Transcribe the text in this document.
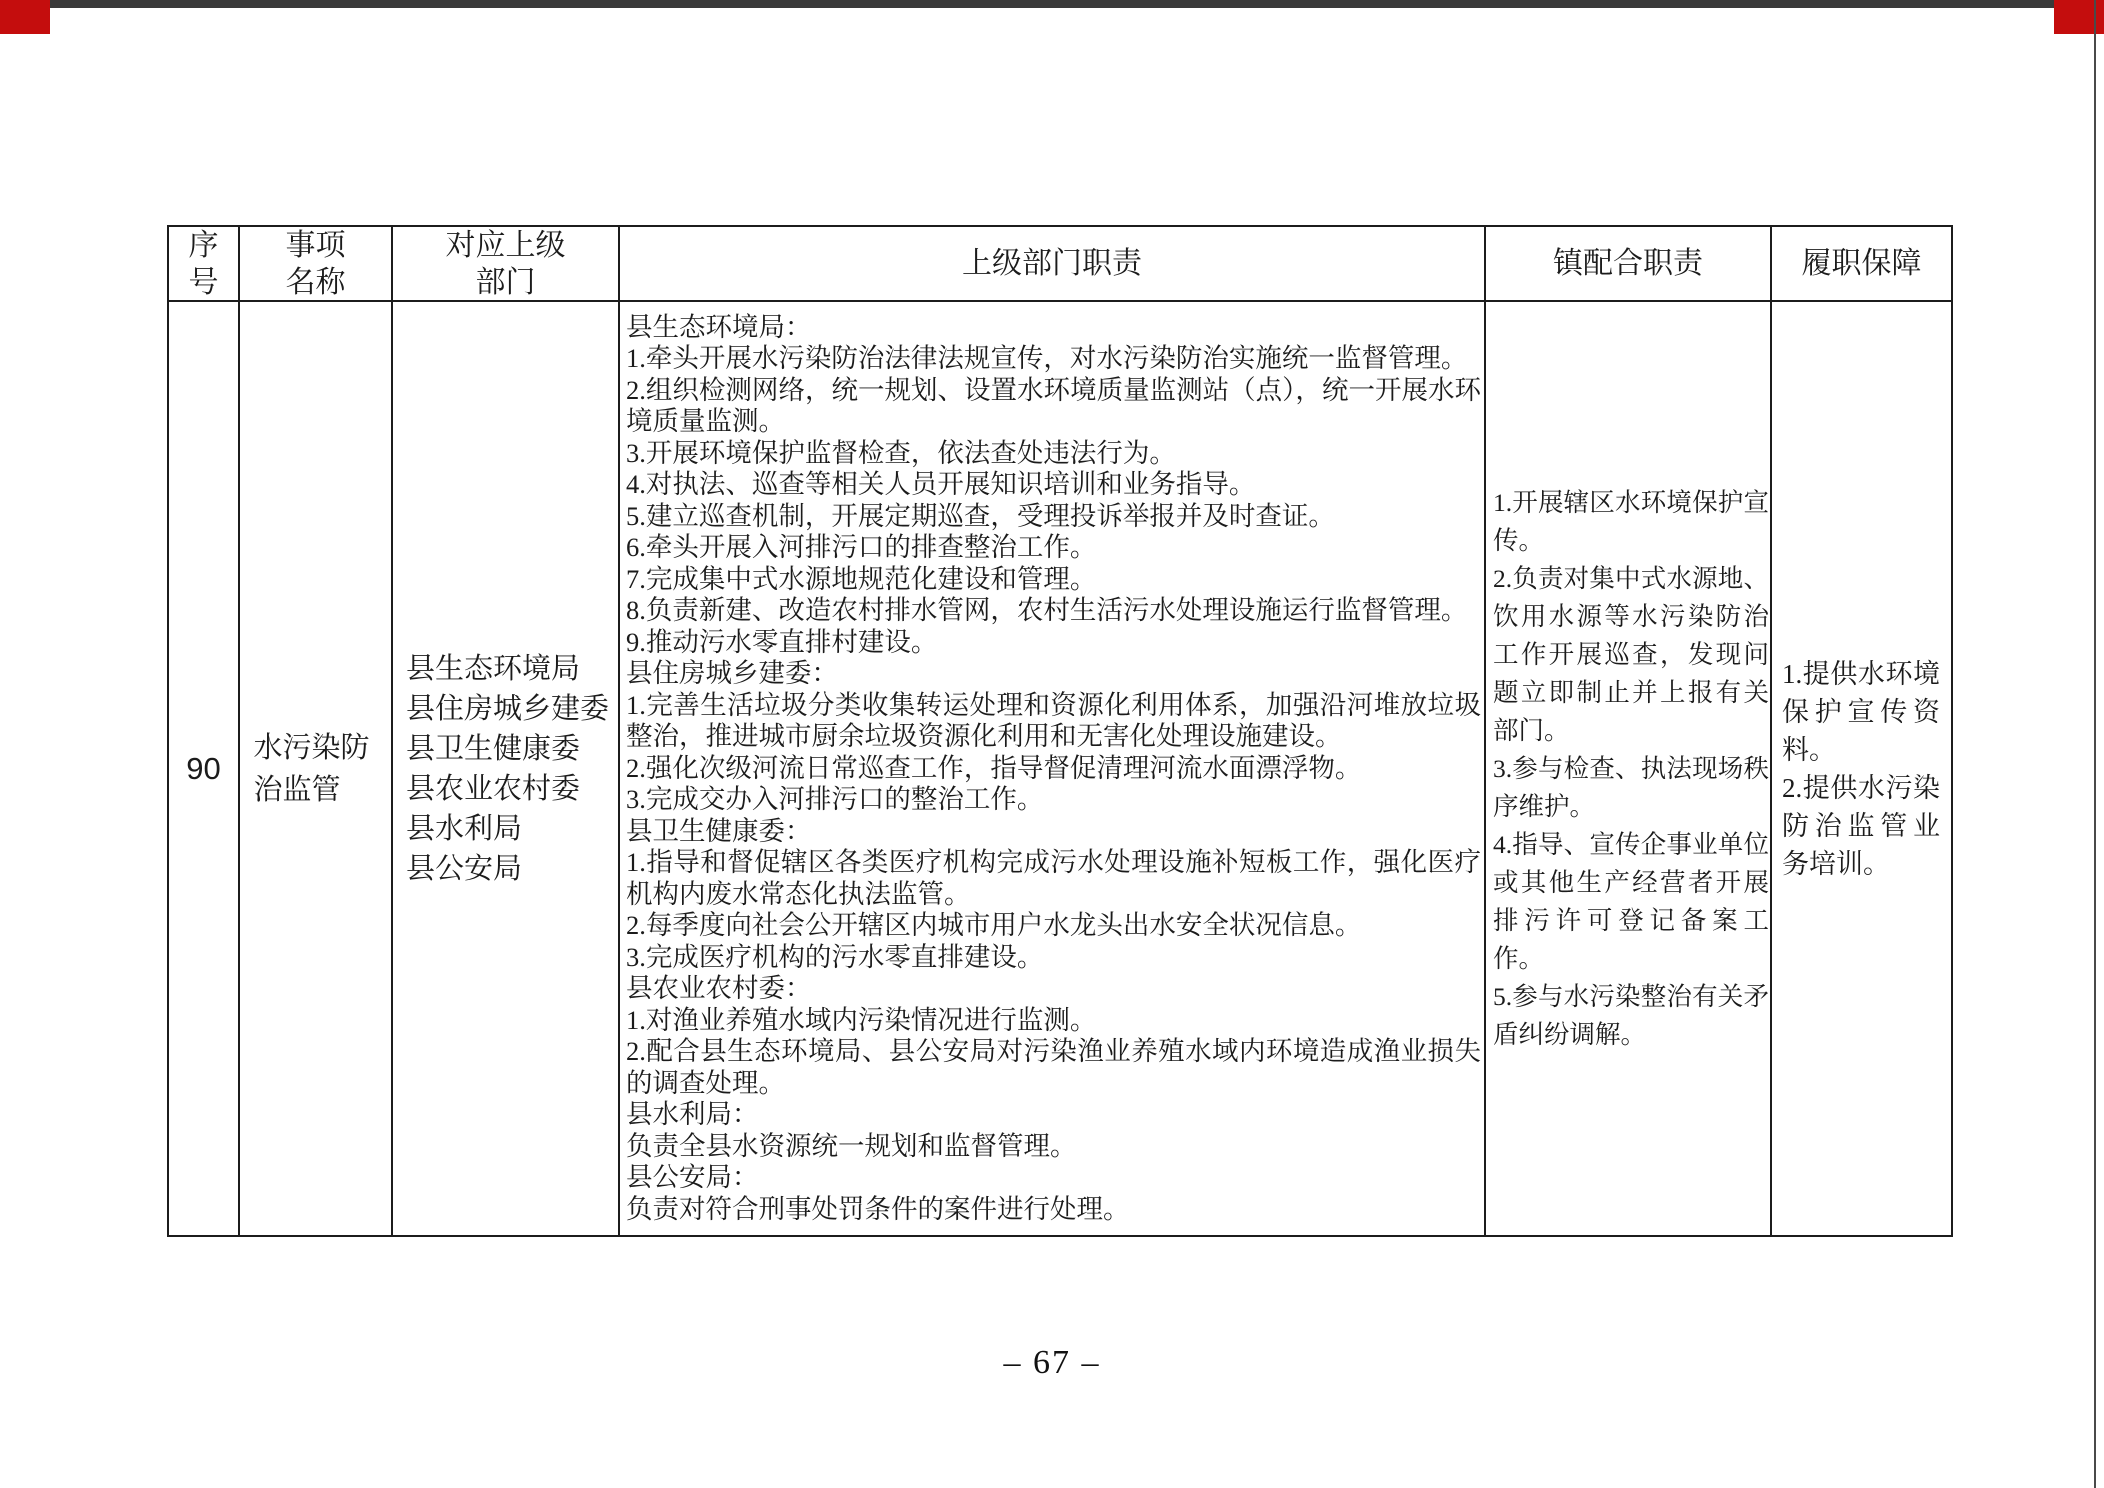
序
号
事项
名称
对应上级
部门
上级部门职责	镇配合职责	履职保障
90
水污染防治监管
县生态环境局
县住房城乡建委
县卫生健康委
县农业农村委
县水利局
县公安局
县生态环境局：
1.牵头开展水污染防治法律法规宣传，对水污染防治实施统一监督管理。
2.组织检测网络，统一规划、设置水环境质量监测站（点），统一开展水环境质量监测。
3.开展环境保护监督检查，依法查处违法行为。
4.对执法、巡查等相关人员开展知识培训和业务指导。
5.建立巡查机制，开展定期巡查，受理投诉举报并及时查证。
6.牵头开展入河排污口的排查整治工作。
7.完成集中式水源地规范化建设和管理。
8.负责新建、改造农村排水管网，农村生活污水处理设施运行监督管理。
9.推动污水零直排村建设。
县住房城乡建委：
1.完善生活垃圾分类收集转运处理和资源化利用体系，加强沿河堆放垃圾整治，推进城市厨余垃圾资源化利用和无害化处理设施建设。
2.强化次级河流日常巡查工作，指导督促清理河流水面漂浮物。
3.完成交办入河排污口的整治工作。
县卫生健康委：
1.指导和督促辖区各类医疗机构完成污水处理设施补短板工作，强化医疗机构内废水常态化执法监管。
2.每季度向社会公开辖区内城市用户水龙头出水安全状况信息。
3.完成医疗机构的污水零直排建设。
县农业农村委：
1.对渔业养殖水域内污染情况进行监测。
2.配合县生态环境局、县公安局对污染渔业养殖水域内环境造成渔业损失的调查处理。
县水利局：
负责全县水资源统一规划和监督管理。
县公安局：
负责对符合刑事处罚条件的案件进行处理。
1.开展辖区水环境保护宣传。
2.负责对集中式水源地、饮用水源等水污染防治工作开展巡查，发现问题立即制止并上报有关部门。
3.参与检查、执法现场秩序维护。
4.指导、宣传企事业单位或其他生产经营者开展排污许可登记备案工作。
5.参与水污染整治有关矛盾纠纷调解。
1.提供水环境保护宣传资料。
2.提供水污染防治监管业务培训。
– 67 –
